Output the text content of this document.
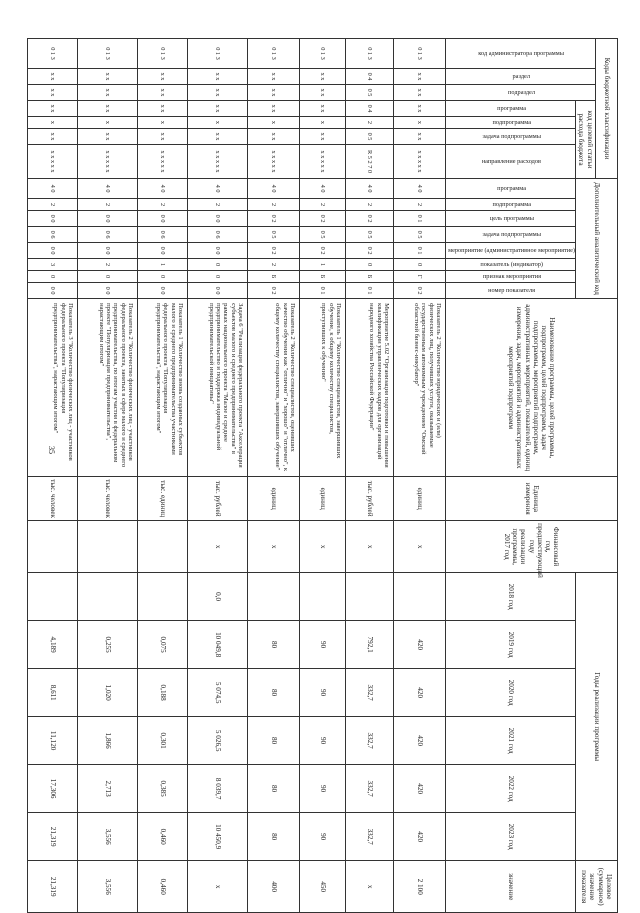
35
Коды бюджетной классификации							Дополнительный аналитический код								Наименование программы, целей программы, подпрограмм, целей подпрограмм, задач подпрограммы, мероприятий подпрограмм, административных мероприятий, показателей, единиц измерения, задач, мероприятий и административных мероприятий подпрограмм	Единица измерения	Финансовый год, предшествующий году реализации программы, 2017 год	Годы реализации программы						Целевое (суммарное) значение показателя
код администратора программы	раздел	подраздел	код целевой статьи расхода бюджета																					
			программа	подпрограмма	задача подпрограммы	направление расходов	программа	подпрограмма	цель программы	задача подпрограммы	мероприятие (административное мероприятие)	показатель (индикатор)	признак мероприятия	номер показателя				2018 год	2019 год	2020 год	2021 год	2022 год	2023 год	значение
0 1 3	x x	x x	x x	x	x x	x x x x x	4 0	2	0 1	0 5	0 1	0	Г	0 2	Показатель 2 "Количество юридических и (или) физических лиц, получивших услуги, оказываемые государственным автономным учреждением "Омский областной бизнес-инкубатор"	единиц	x		420	420	420	420	420	2 100
0 1 3	0 4	0 5	0 4	2	0 5	R 5 2 7 0	4 0	2	0 2	0 5	0 2	0	Б	0 1	Мероприятие 5.02 "Организация подготовки и повышения квалификации управленческих кадров для организаций народного хозяйства Российской Федерации"	тыс. рублей	x		792,1	332,7	332,7	332,7	332,7	x
0 1 3	x x	x x	x x	x	x x	x x x x x	4 0	2	0 2	0 5	0 2	1	Б	0 1	Показатель 1 "Количество специалистов, завершивших обучение, к общему количеству специалистов, приступивших к обучению"	единиц	x		90	90	90	90	90	450
0 1 3	x x	x x	x x	x	x x	x x x x x	4 0	2	0 2	0 5	0 2	2	Б	0 2	Показатель 2 "Количество специалистов, оценивших качество обучения как "отлично" и "хорошо" и "отлично", к общему количеству специалистов, завершивших обучение"	единиц	x		80	80	80	80	80	400
0 1 3	x x	x x	x x	x	x x	x x x x x	4 0	2	0 0	0 6	0 0	0	0	0 0	Задача 6 "Реализация федерального проекта "Акселерация субъектов малого и среднего предпринимательства" в рамках национального проекта "Малое и среднее предпринимательство и поддержка индивидуальной предпринимательской инициативы"	тыс. рублей	x	0,0	10 049,8	5 074,5	5 026,5	8 039,7	10 450,9	x
0 1 3	x x	x x	x x	x	x x	x x x x x	4 0	2	0 0	0 6	0 0	1	0	0 0	Показатель 1 "Количество вновь созданных субъектов малого и среднего предпринимательства участниками федерального проекта "Популяризация предпринимательства", нарастающим итогом"	тыс. единиц			0,075	0,188	0,301	0,385	0,460	0,460
0 1 3	x x	x x	x x	x	x x	x x x x x	4 0	2	0 0	0 6	0 0	2	0	0 0	Показатель 2 "Количество физических лиц - участников федерального проекта, занятых в сфере малого и среднего предпринимательства, по итогам участия в федеральном проекте "Популяризация предпринимательства", нарастающим итогом"	тыс. человек			0,255	1,020	1,866	2,713	3,556	3,556
0 1 3	x x	x x	x x	x	x x	x x x x x	4 0	2	0 0	0 6	0 0	3	0	0 0	Показатель 3 "Количество физических лиц - участников федерального проекта "Популяризация предпринимательства", нарастающим итогом"	тыс. человек			4,189	8,611	11,120	17,306	21,319	21,319
